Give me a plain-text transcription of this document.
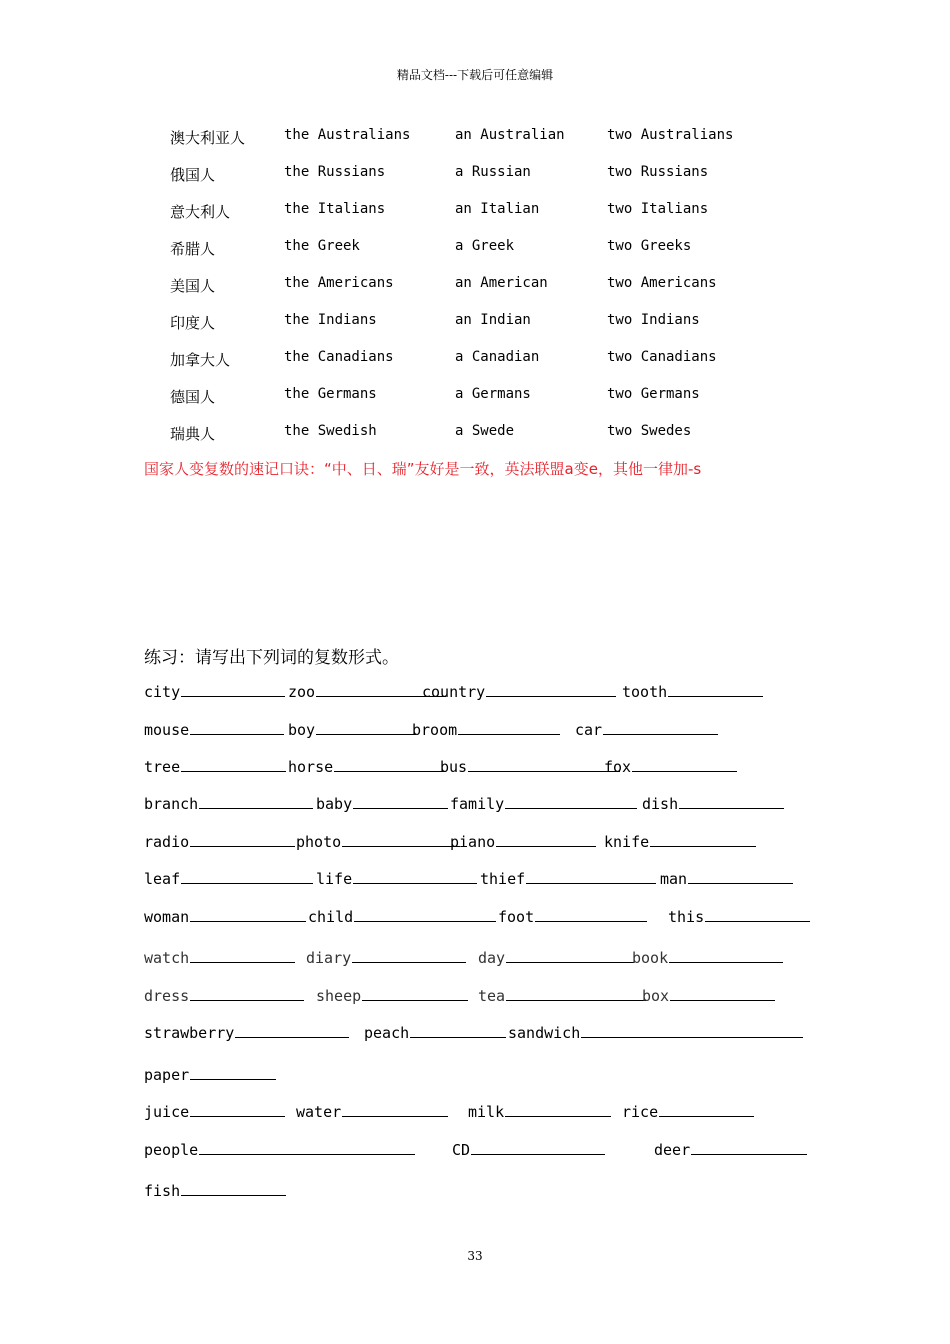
精品文档---下载后可任意编辑
澳大利亚人	the Australians	an Australian	two Australians
俄国人	the Russians	a Russian	two Russians
意大利人	the Italians	an Italian	two Italians
希腊人	the Greek	a Greek	two Greeks
美国人	the Americans	an American	two Americans
印度人	the Indians	an Indian	two Indians
加拿大人	the Canadians	a Canadian	two Canadians
德国人	the Germans	a Germans	two Germans
瑞典人	the Swedish	a Swede	two Swedes
国家人变复数的速记口诀：“中、日、瑞”友好是一致，英法联盟a变e，其他一律加-s
练习：请写出下列词的复数形式。
city	zoo	country	tooth
mouse	boy	broom	car
tree	horse	bus	fox
branch	baby	family	dish
radio	photo	piano	knife
leaf	life	thief	man
woman	child	foot	this
watch	diary	day	book
dress	sheep	tea	box
strawberry	peach	sandwich
paper
juice	water	milk	rice
people	CD	deer
fish
33
